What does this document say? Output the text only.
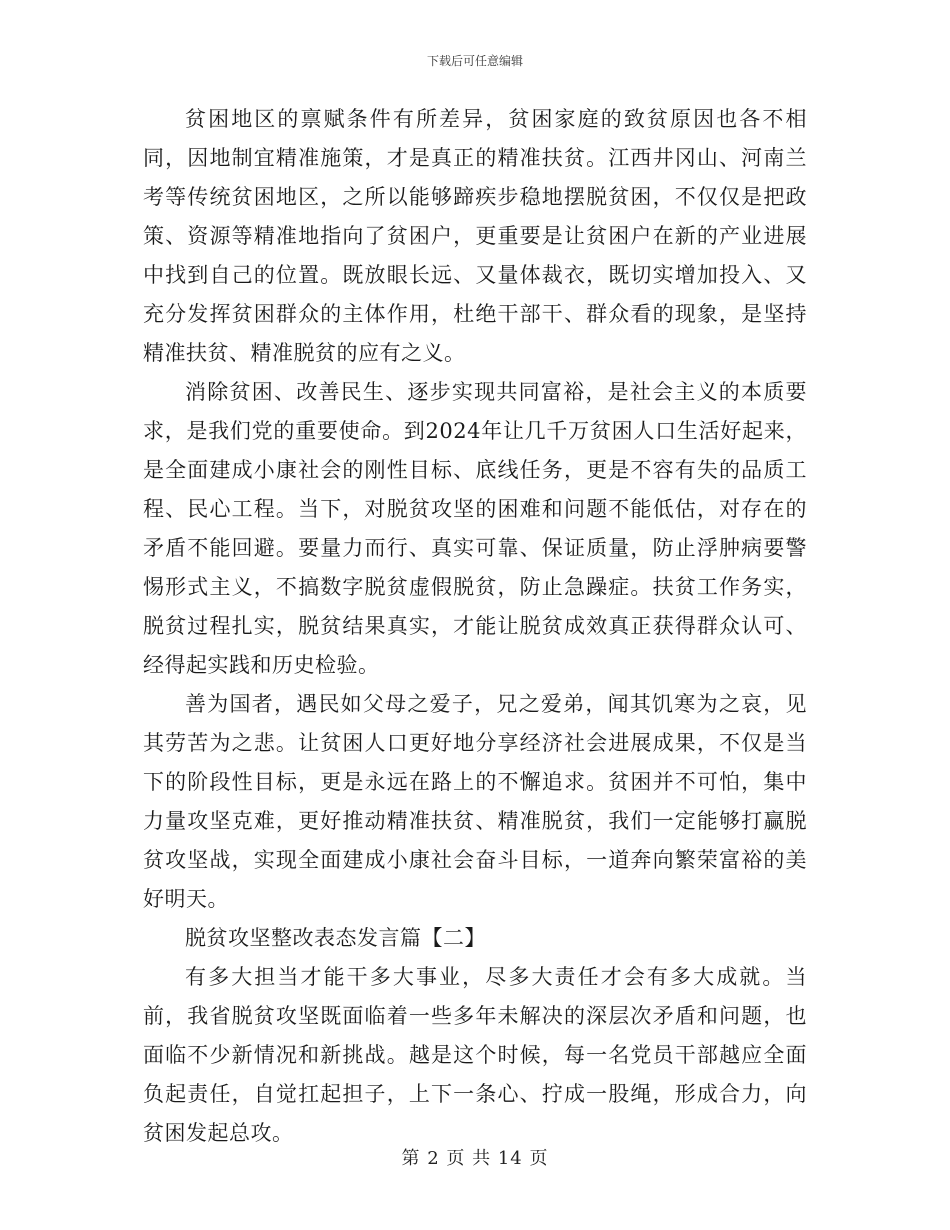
下载后可任意编辑

贫困地区的禀赋条件有所差异，贫困家庭的致贫原因也各不相同，因地制宜精准施策，才是真正的精准扶贫。江西井冈山、河南兰考等传统贫困地区，之所以能够蹄疾步稳地摆脱贫困，不仅仅是把政策、资源等精准地指向了贫困户，更重要是让贫困户在新的产业进展中找到自己的位置。既放眼长远、又量体裁衣，既切实增加投入、又充分发挥贫困群众的主体作用，杜绝干部干、群众看的现象，是坚持精准扶贫、精准脱贫的应有之义。

消除贫困、改善民生、逐步实现共同富裕，是社会主义的本质要求，是我们党的重要使命。到2024年让几千万贫困人口生活好起来，是全面建成小康社会的刚性目标、底线任务，更是不容有失的品质工程、民心工程。当下，对脱贫攻坚的困难和问题不能低估，对存在的矛盾不能回避。要量力而行、真实可靠、保证质量，防止浮肿病要警惕形式主义，不搞数字脱贫虚假脱贫，防止急躁症。扶贫工作务实，脱贫过程扎实，脱贫结果真实，才能让脱贫成效真正获得群众认可、经得起实践和历史检验。

善为国者，遇民如父母之爱子，兄之爱弟，闻其饥寒为之哀，见其劳苦为之悲。让贫困人口更好地分享经济社会进展成果，不仅是当下的阶段性目标，更是永远在路上的不懈追求。贫困并不可怕，集中力量攻坚克难，更好推动精准扶贫、精准脱贫，我们一定能够打赢脱贫攻坚战，实现全面建成小康社会奋斗目标，一道奔向繁荣富裕的美好明天。

脱贫攻坚整改表态发言篇【二】

有多大担当才能干多大事业，尽多大责任才会有多大成就。当前，我省脱贫攻坚既面临着一些多年未解决的深层次矛盾和问题，也面临不少新情况和新挑战。越是这个时候，每一名党员干部越应全面负起责任，自觉扛起担子，上下一条心、拧成一股绳，形成合力，向贫困发起总攻。

第 2 页 共 14 页
